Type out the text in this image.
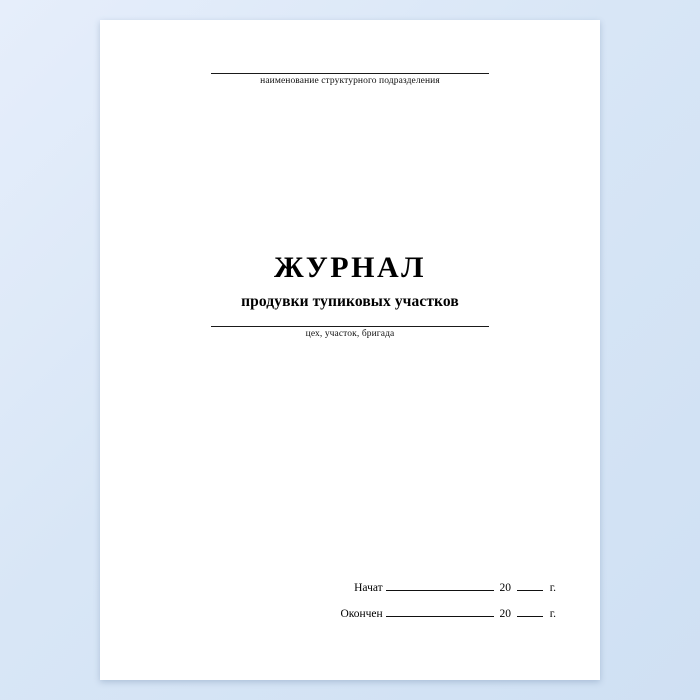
наименование структурного подразделения
ЖУРНАЛ
продувки тупиковых участков
цех, участок, бригада
Начат	20	г.
Окончен	20	г.
